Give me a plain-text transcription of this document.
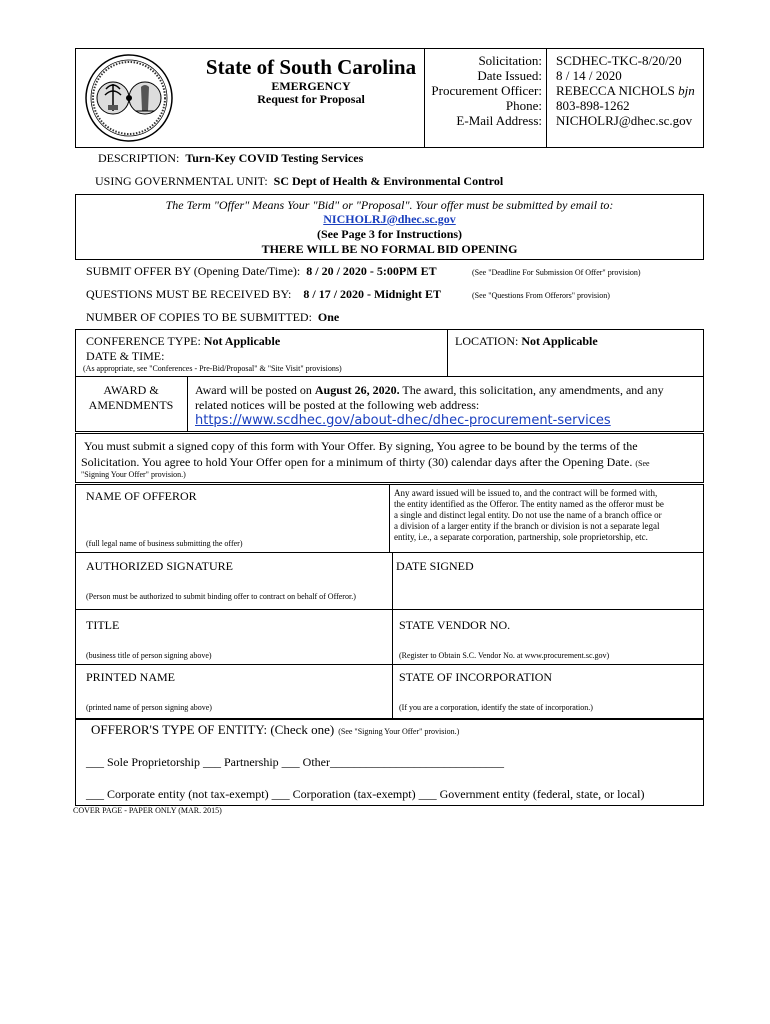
State of South Carolina
EMERGENCY
Request for Proposal
Solicitation: SCDHEC-TKC-8/20/20
Date Issued: 8 / 14 / 2020
Procurement Officer: REBECCA NICHOLS bjn
Phone: 803-898-1262
E-Mail Address: NICHOLRJ@dhec.sc.gov
DESCRIPTION: Turn-Key COVID Testing Services
USING GOVERNMENTAL UNIT: SC Dept of Health & Environmental Control
The Term "Offer" Means Your "Bid" or "Proposal". Your offer must be submitted by email to:
NICHOLRJ@dhec.sc.gov
(See Page 3 for Instructions)
THERE WILL BE NO FORMAL BID OPENING
SUBMIT OFFER BY (Opening Date/Time): 8 / 20 / 2020 - 5:00PM ET	(See "Deadline For Submission Of Offer" provision)
QUESTIONS MUST BE RECEIVED BY: 8 / 17 / 2020 - Midnight ET	(See "Questions From Offerors" provision)
NUMBER OF COPIES TO BE SUBMITTED: One
CONFERENCE TYPE: Not Applicable
DATE & TIME:
(As appropriate, see "Conferences - Pre-Bid/Proposal" & "Site Visit" provisions)
LOCATION: Not Applicable
AWARD &
AMENDMENTS
Award will be posted on August 26, 2020. The award, this solicitation, any amendments, and any
related notices will be posted at the following web address:
https://www.scdhec.gov/about-dhec/dhec-procurement-services
You must submit a signed copy of this form with Your Offer. By signing, You agree to be bound by the terms of the
Solicitation. You agree to hold Your Offer open for a minimum of thirty (30) calendar days after the Opening Date. (See
"Signing Your Offer" provision.)
NAME OF OFFEROR
(full legal name of business submitting the offer)
Any award issued will be issued to, and the contract will be formed with,
the entity identified as the Offeror. The entity named as the offeror must be
a single and distinct legal entity. Do not use the name of a branch office or
a division of a larger entity if the branch or division is not a separate legal
entity, i.e., a separate corporation, partnership, sole proprietorship, etc.
AUTHORIZED SIGNATURE
(Person must be authorized to submit binding offer to contract on behalf of Offeror.)
DATE SIGNED
TITLE
(business title of person signing above)
STATE VENDOR NO.
(Register to Obtain S.C. Vendor No. at www.procurement.sc.gov)
PRINTED NAME
(printed name of person signing above)
STATE OF INCORPORATION
(If you are a corporation, identify the state of incorporation.)
OFFEROR'S TYPE OF ENTITY: (Check one) (See "Signing Your Offer" provision.)
___ Sole Proprietorship ___ Partnership ___ Other_____________________________
___ Corporate entity (not tax-exempt) ___ Corporation (tax-exempt) ___ Government entity (federal, state, or local)
COVER PAGE - PAPER ONLY (MAR. 2015)
